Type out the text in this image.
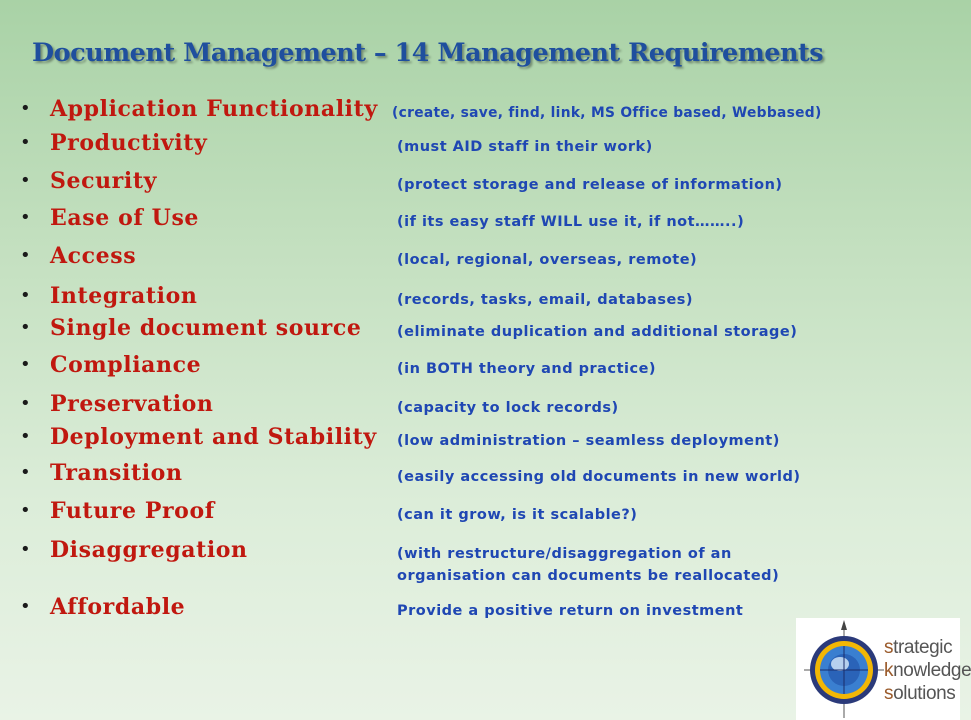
Document Management – 14 Management Requirements
• Application Functionality (create, save, find, link, MS Office based, Webbased)
• Productivity	(must AID staff in their work)
• Security	(protect storage and release of information)
• Ease of Use	(if its easy staff WILL use it, if not……..)
• Access	(local, regional, overseas, remote)
• Integration	(records, tasks, email, databases)
• Single document source (eliminate duplication and additional storage)
• Compliance	(in BOTH theory and practice)
• Preservation	(capacity to lock records)
• Deployment and Stability (low administration – seamless deployment)
• Transition	(easily accessing old documents in new world)
• Future Proof	(can it grow, is it scalable?)
• Disaggregation	(with restructure/disaggregation of an
organisation can documents be reallocated)
• Affordable	Provide a positive return on investment
strategic
knowledge
solutions
